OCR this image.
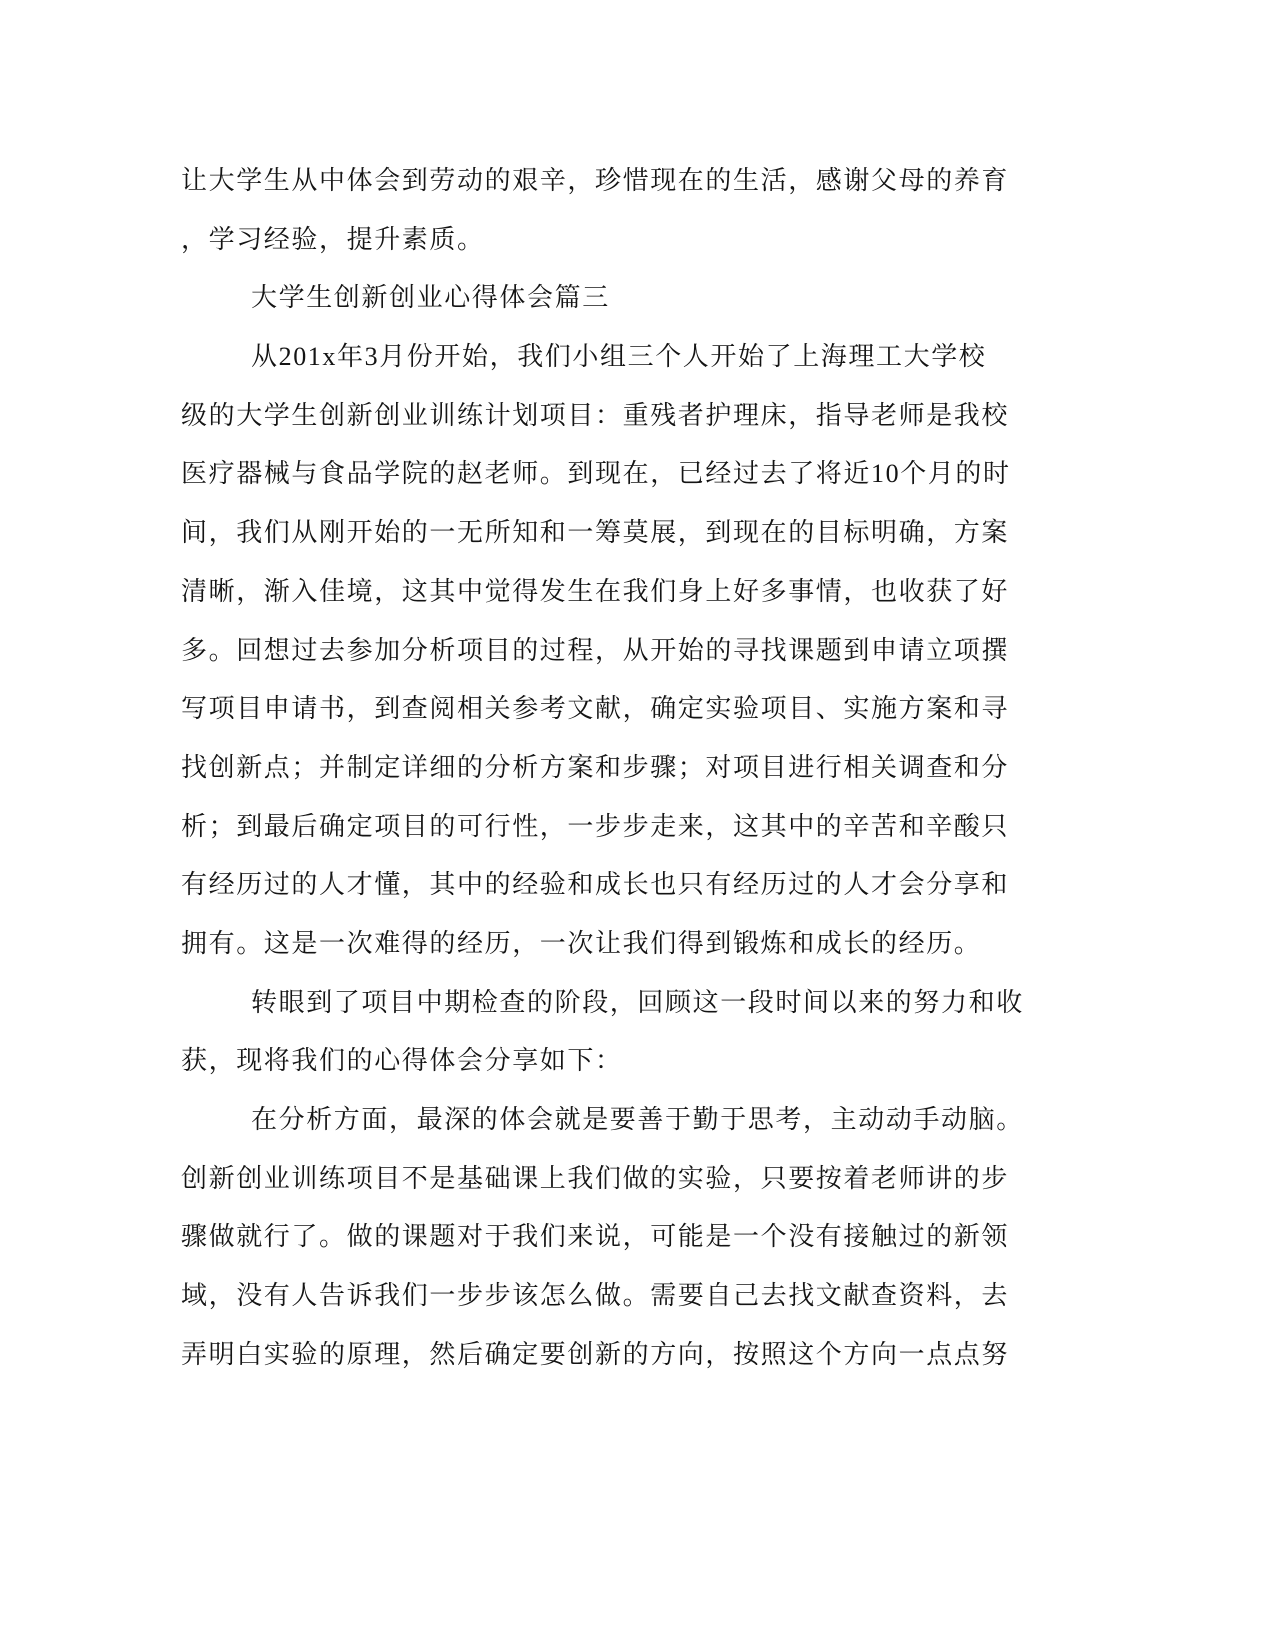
让大学生从中体会到劳动的艰辛，珍惜现在的生活，感谢父母的养育
，学习经验，提升素质。
大学生创新创业心得体会篇三
从201x年3月份开始，我们小组三个人开始了上海理工大学校
级的大学生创新创业训练计划项目：重残者护理床，指导老师是我校
医疗器械与食品学院的赵老师。到现在，已经过去了将近10个月的时
间，我们从刚开始的一无所知和一筹莫展，到现在的目标明确，方案
清晰，渐入佳境，这其中觉得发生在我们身上好多事情，也收获了好
多。回想过去参加分析项目的过程，从开始的寻找课题到申请立项撰
写项目申请书，到查阅相关参考文献，确定实验项目、实施方案和寻
找创新点；并制定详细的分析方案和步骤；对项目进行相关调查和分
析；到最后确定项目的可行性，一步步走来，这其中的辛苦和辛酸只
有经历过的人才懂，其中的经验和成长也只有经历过的人才会分享和
拥有。这是一次难得的经历，一次让我们得到锻炼和成长的经历。
转眼到了项目中期检查的阶段，回顾这一段时间以来的努力和收
获，现将我们的心得体会分享如下：
在分析方面，最深的体会就是要善于勤于思考，主动动手动脑。
创新创业训练项目不是基础课上我们做的实验，只要按着老师讲的步
骤做就行了。做的课题对于我们来说，可能是一个没有接触过的新领
域，没有人告诉我们一步步该怎么做。需要自己去找文献查资料，去
弄明白实验的原理，然后确定要创新的方向，按照这个方向一点点努
